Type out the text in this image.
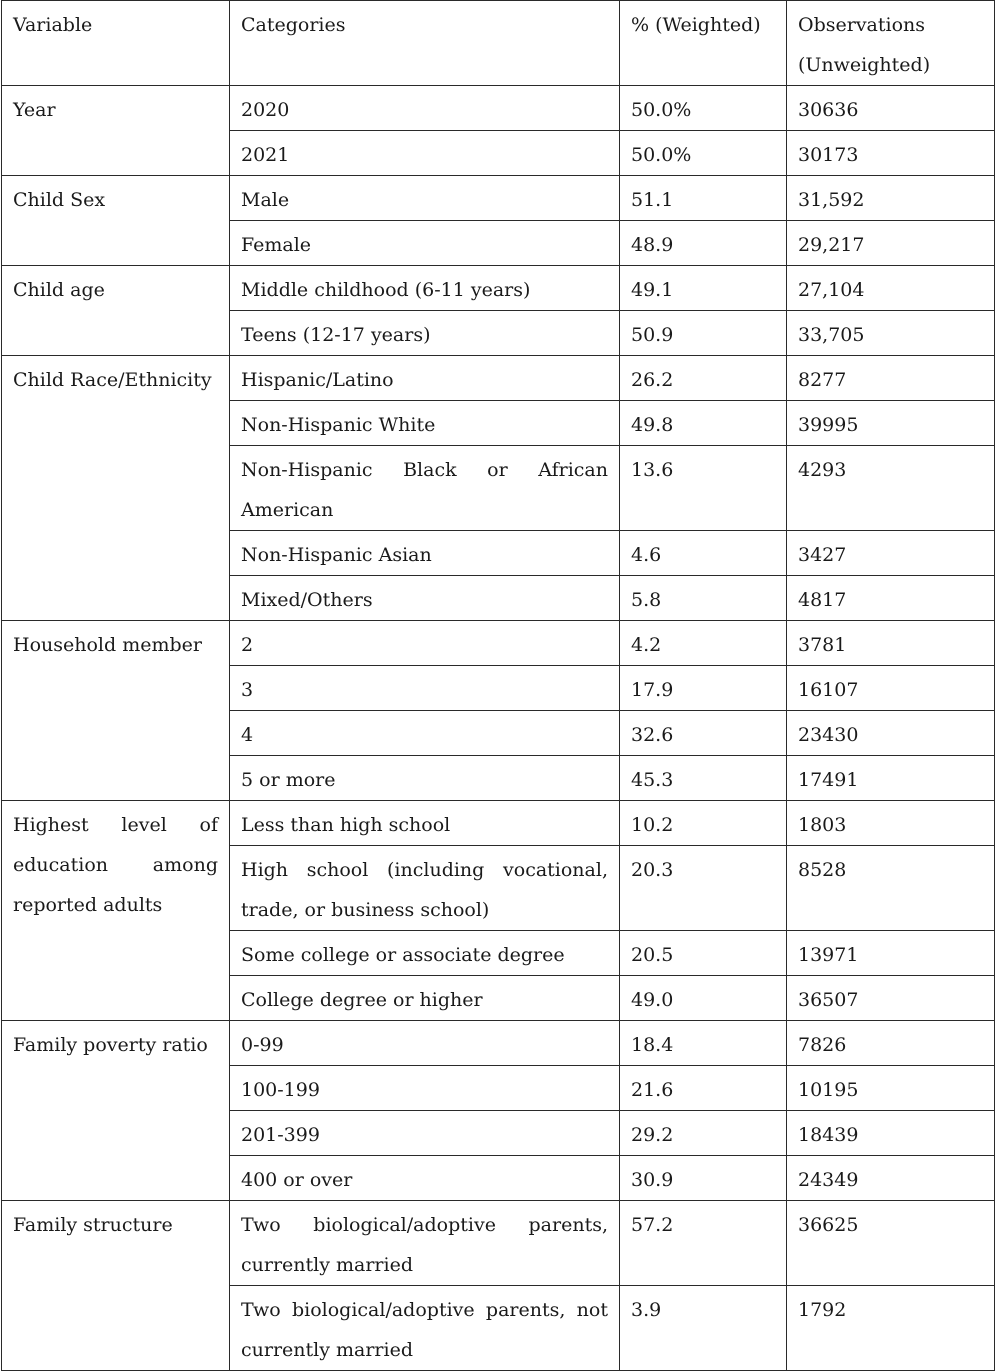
Variable	Categories	% (Weighted)	Observations (Unweighted)
Year	2020	50.0%	30636
	2021	50.0%	30173
Child Sex	Male	51.1	31,592
	Female	48.9	29,217
Child age	Middle childhood (6-11 years)	49.1	27,104
	Teens (12-17 years)	50.9	33,705
Child Race/Ethnicity	Hispanic/Latino	26.2	8277
	Non-Hispanic White	49.8	39995
	Non-Hispanic Black or African American	13.6	4293
	Non-Hispanic Asian	4.6	3427
	Mixed/Others	5.8	4817
Household member	2	4.2	3781
	3	17.9	16107
	4	32.6	23430
	5 or more	45.3	17491
Highest level of education among reported adults	Less than high school	10.2	1803
	High school (including vocational, trade, or business school)	20.3	8528
	Some college or associate degree	20.5	13971
	College degree or higher	49.0	36507
Family poverty ratio	0-99	18.4	7826
	100-199	21.6	10195
	201-399	29.2	18439
	400 or over	30.9	24349
Family structure	Two biological/adoptive parents, currently married	57.2	36625
	Two biological/adoptive parents, not currently married	3.9	1792
